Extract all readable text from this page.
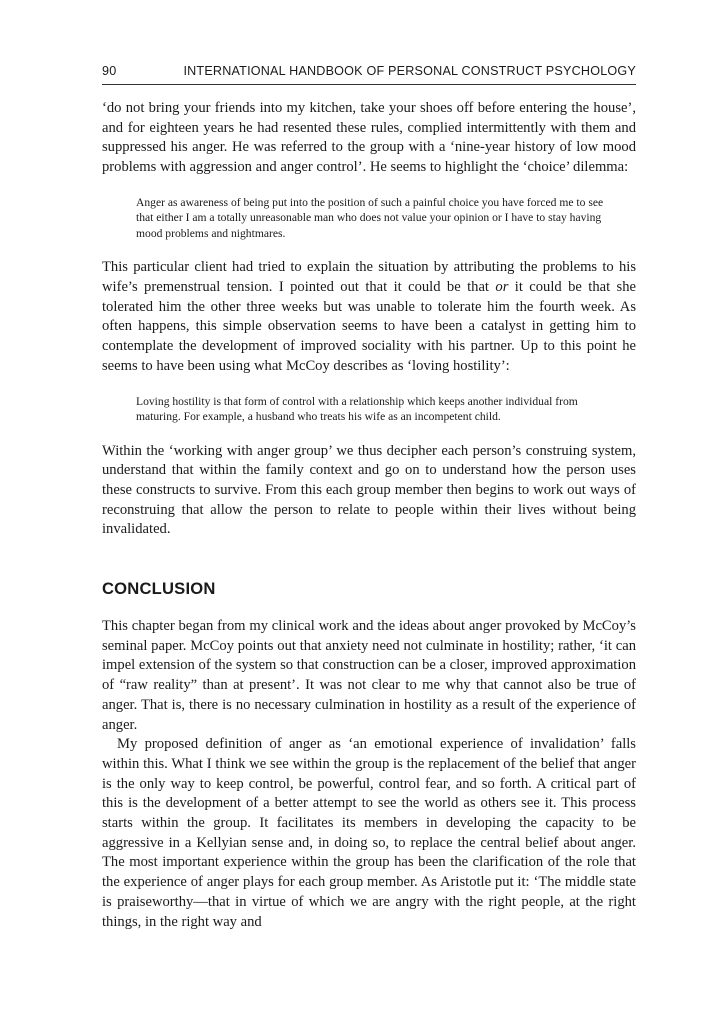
90	INTERNATIONAL HANDBOOK OF PERSONAL CONSTRUCT PSYCHOLOGY

‘do not bring your friends into my kitchen, take your shoes off before entering the house’, and for eighteen years he had resented these rules, complied intermittently with them and suppressed his anger. He was referred to the group with a ‘nine-year history of low mood problems with aggression and anger control’. He seems to highlight the ‘choice’ dilemma:

Anger as awareness of being put into the position of such a painful choice you have forced me to see that either I am a totally unreasonable man who does not value your opinion or I have to stay having mood problems and nightmares.

This particular client had tried to explain the situation by attributing the problems to his wife’s premenstrual tension. I pointed out that it could be that or it could be that she tolerated him the other three weeks but was unable to tolerate him the fourth week. As often happens, this simple observation seems to have been a catalyst in getting him to contemplate the development of improved sociality with his partner. Up to this point he seems to have been using what McCoy describes as ‘loving hostility’:

Loving hostility is that form of control with a relationship which keeps another individual from maturing. For example, a husband who treats his wife as an incompetent child.

Within the ‘working with anger group’ we thus decipher each person’s construing system, understand that within the family context and go on to understand how the person uses these constructs to survive. From this each group member then begins to work out ways of reconstruing that allow the person to relate to people within their lives without being invalidated.

CONCLUSION

This chapter began from my clinical work and the ideas about anger provoked by McCoy’s seminal paper. McCoy points out that anxiety need not culminate in hostility; rather, ‘it can impel extension of the system so that construction can be a closer, improved approximation of “raw reality” than at present’. It was not clear to me why that cannot also be true of anger. That is, there is no necessary culmination in hostility as a result of the experience of anger.

My proposed definition of anger as ‘an emotional experience of invalidation’ falls within this. What I think we see within the group is the replacement of the belief that anger is the only way to keep control, be powerful, control fear, and so forth. A critical part of this is the development of a better attempt to see the world as others see it. This process starts within the group. It facilitates its members in developing the capacity to be aggressive in a Kellyian sense and, in doing so, to replace the central belief about anger. The most important experience within the group has been the clarification of the role that the experience of anger plays for each group member. As Aristotle put it: ‘The middle state is praiseworthy—that in virtue of which we are angry with the right people, at the right things, in the right way and
